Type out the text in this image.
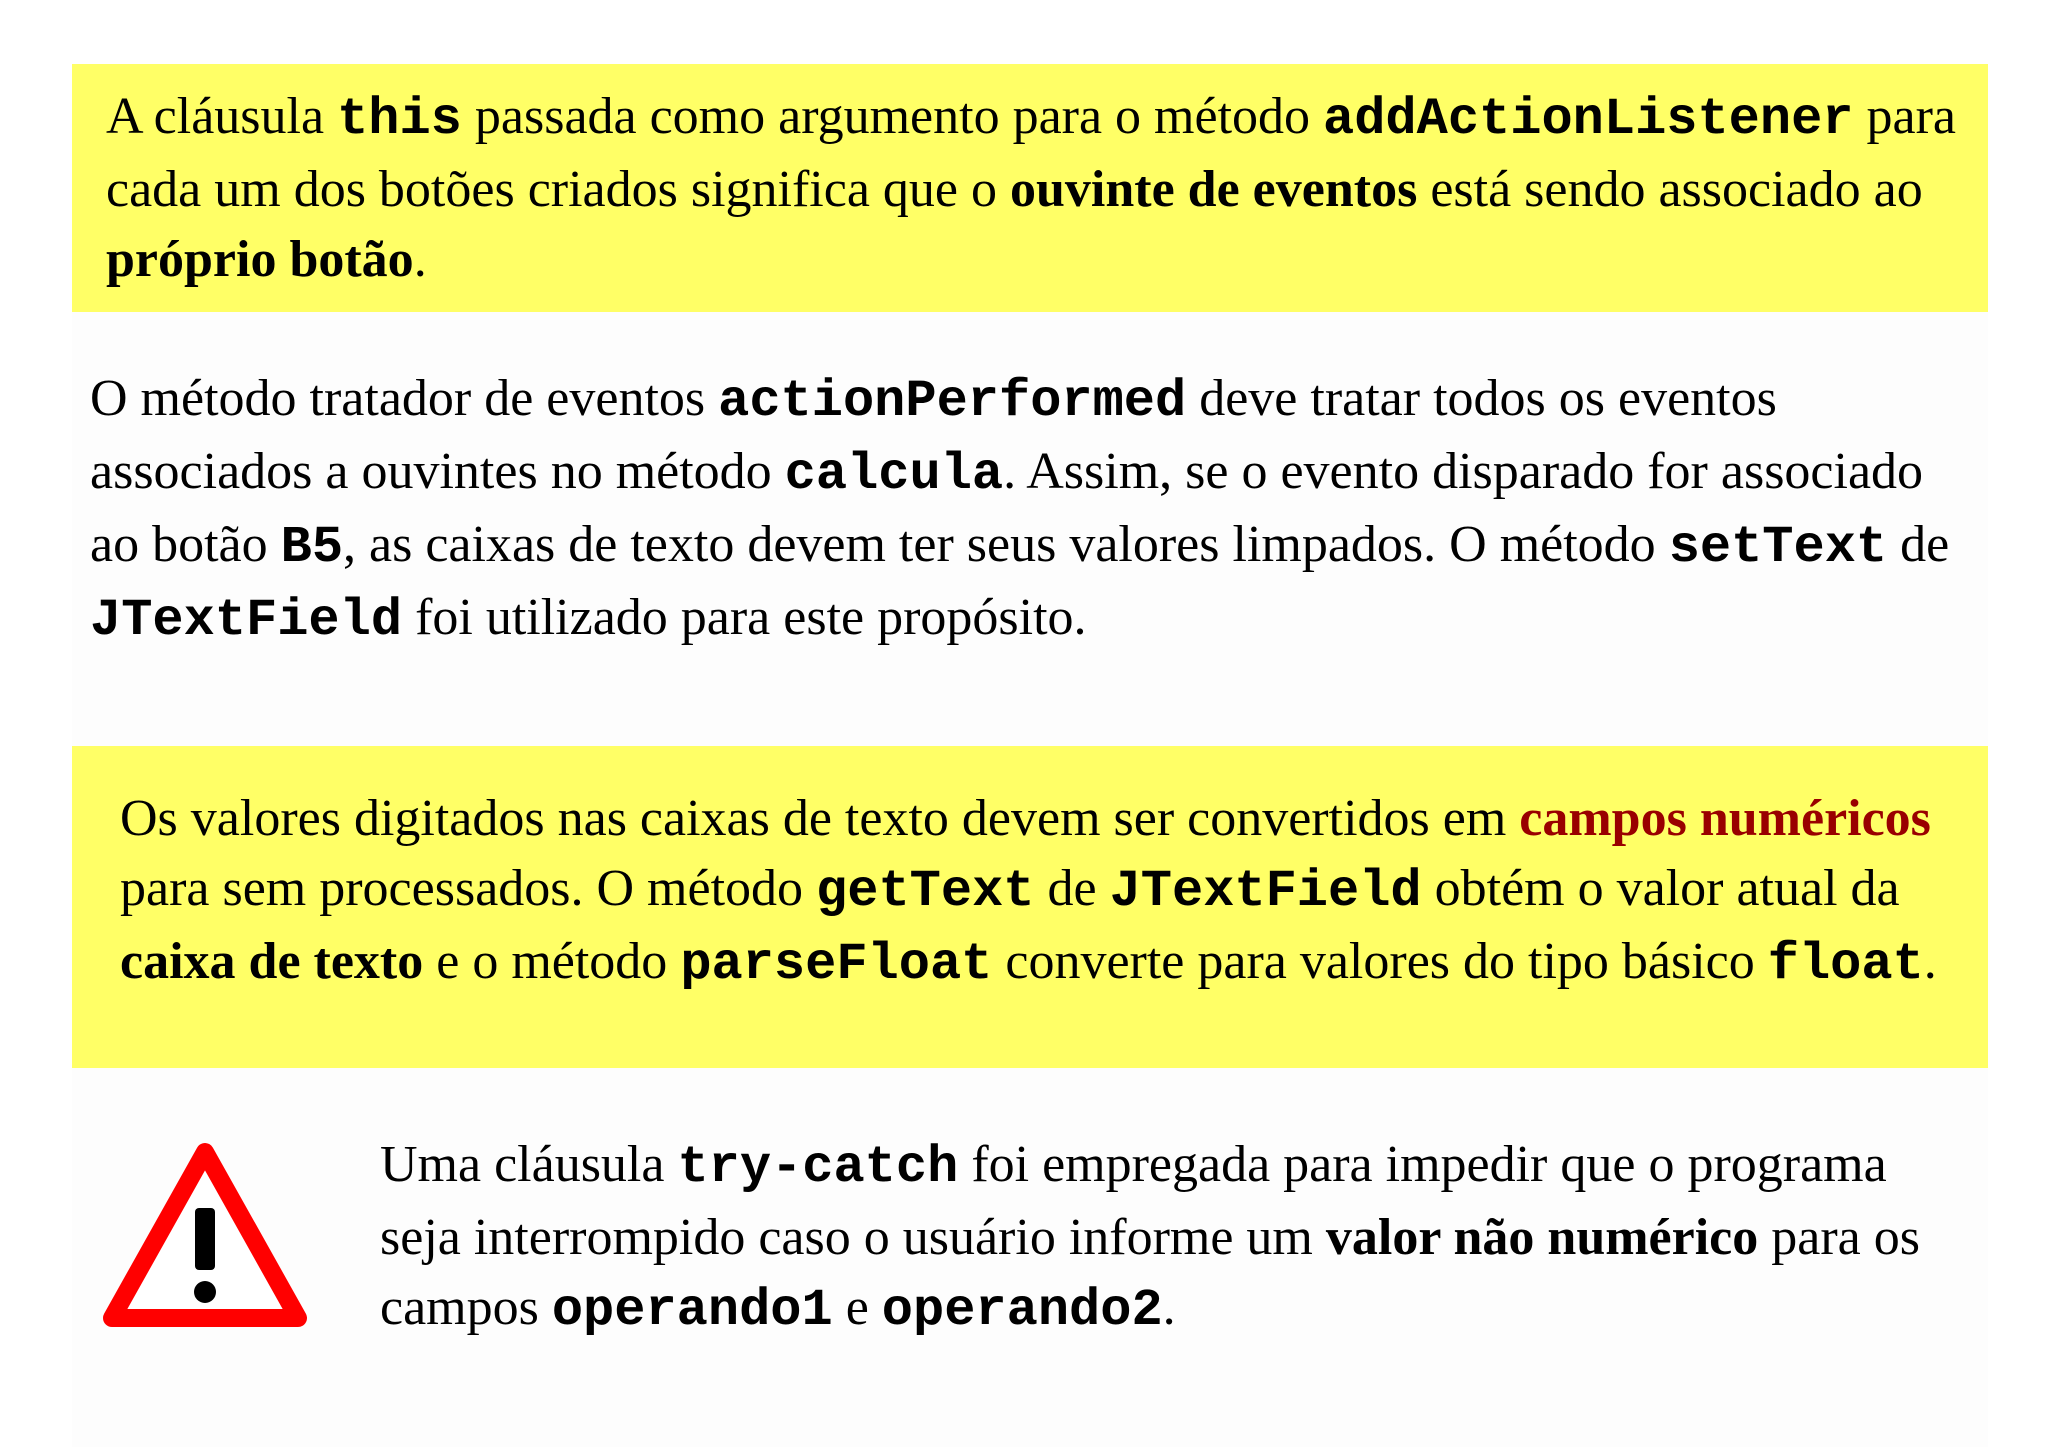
A cláusula this passada como argumento para o método addActionListener para cada um dos botões criados significa que o ouvinte de eventos está sendo associado ao próprio botão.

O método tratador de eventos actionPerformed deve tratar todos os eventos associados a ouvintes no método calcula. Assim, se o evento disparado for associado ao botão B5, as caixas de texto devem ter seus valores limpados. O método setText de JTextField foi utilizado para este propósito.

Os valores digitados nas caixas de texto devem ser convertidos em campos numéricos para sem processados. O método getText de JTextField obtém o valor atual da caixa de texto e o método parseFloat converte para valores do tipo básico float.

Uma cláusula try-catch foi empregada para impedir que o programa seja interrompido caso o usuário informe um valor não numérico para os campos operando1 e operando2.
